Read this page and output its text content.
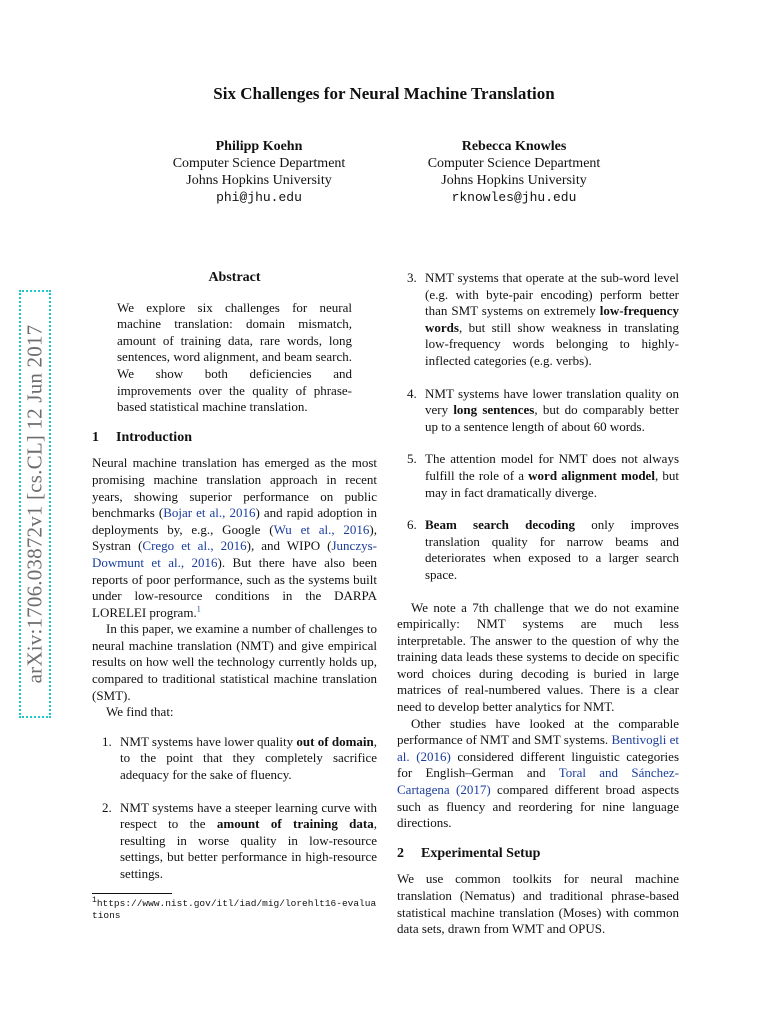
arXiv:1706.03872v1 [cs.CL] 12 Jun 2017
Six Challenges for Neural Machine Translation
Philipp Koehn
Computer Science Department
Johns Hopkins University
phi@jhu.edu
Rebecca Knowles
Computer Science Department
Johns Hopkins University
rknowles@jhu.edu
Abstract

We explore six challenges for neural machine translation: domain mismatch, amount of training data, rare words, long sentences, word alignment, and beam search. We show both deficiencies and improvements over the quality of phrase-based statistical machine translation.

1 Introduction

Neural machine translation has emerged as the most promising machine translation approach in recent years, showing superior performance on public benchmarks (Bojar et al., 2016) and rapid adoption in deployments by, e.g., Google (Wu et al., 2016), Systran (Crego et al., 2016), and WIPO (Junczys-Dowmunt et al., 2016). But there have also been reports of poor performance, such as the systems built under low-resource conditions in the DARPA LORELEI program.$^1$

In this paper, we examine a number of challenges to neural machine translation (NMT) and give empirical results on how well the technology currently holds up, compared to traditional statistical machine translation (SMT).

We find that:

1. NMT systems have lower quality out of domain, to the point that they completely sacrifice adequacy for the sake of fluency.
2. NMT systems have a steeper learning curve with respect to the amount of training data, resulting in worse quality in low-resource settings, but better performance in high-resource settings.
$^1$https://www.nist.gov/itl/iad/mig/lorehlt16-evaluations
3. NMT systems that operate at the sub-word level (e.g. with byte-pair encoding) perform better than SMT systems on extremely low-frequency words, but still show weakness in translating low-frequency words belonging to highly-inflected categories (e.g. verbs).
4. NMT systems have lower translation quality on very long sentences, but do comparably better up to a sentence length of about 60 words.
5. The attention model for NMT does not always fulfill the role of a word alignment model, but may in fact dramatically diverge.
6. Beam search decoding only improves translation quality for narrow beams and deteriorates when exposed to a larger search space.

We note a 7th challenge that we do not examine empirically: NMT systems are much less interpretable. The answer to the question of why the training data leads these systems to decide on specific word choices during decoding is buried in large matrices of real-numbered values. There is a clear need to develop better analytics for NMT.

Other studies have looked at the comparable performance of NMT and SMT systems. Bentivogli et al. (2016) considered different linguistic categories for English–German and Toral and Sánchez-Cartagena (2017) compared different broad aspects such as fluency and reordering for nine language directions.

2 Experimental Setup

We use common toolkits for neural machine translation (Nematus) and traditional phrase-based statistical machine translation (Moses) with common data sets, drawn from WMT and OPUS.
